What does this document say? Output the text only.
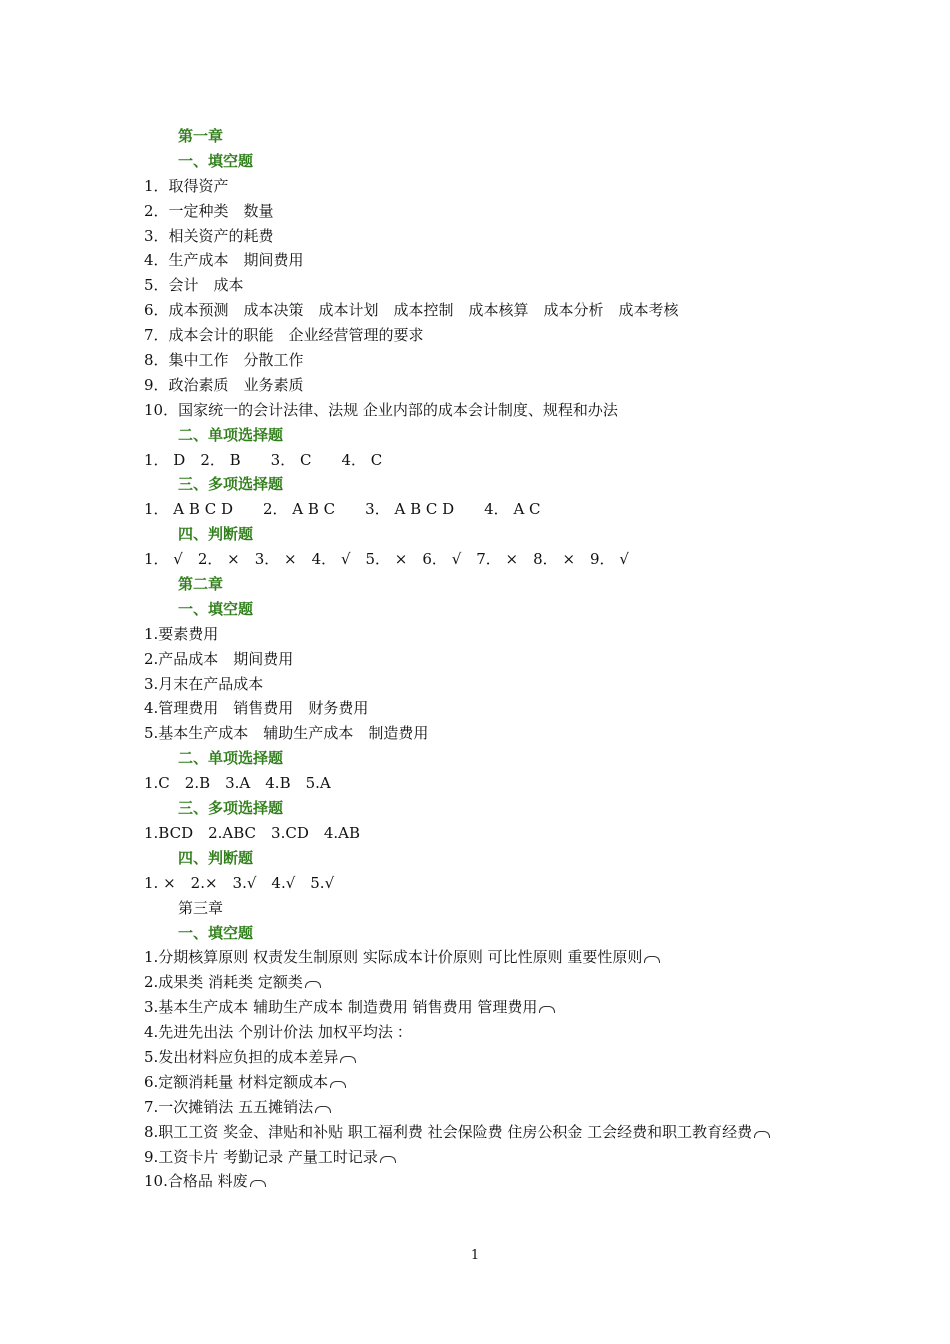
第一章
一、填空题
1．取得资产
2．一定种类　数量
3．相关资产的耗费
4．生产成本　期间费用
5．会计　成本
6．成本预测　成本决策　成本计划　成本控制　成本核算　成本分析　成本考核
7．成本会计的职能　企业经营管理的要求
8．集中工作　分散工作
9．政治素质　业务素质
10．国家统一的会计法律、法规 企业内部的成本会计制度、规程和办法
二、单项选择题
1． D　2． B　　3． C　　4． C
三、多项选择题
1． A B C D　　2． A B C　　3． A B C D　　4． A C
四、判断题
1． √　2． ×　3． ×　4． √　5． ×　6． √　7． ×　8． ×　9． √
第二章
一、填空题
1.要素费用
2.产品成本　期间费用
3.月末在产品成本
4.管理费用　销售费用　财务费用
5.基本生产成本　辅助生产成本　制造费用
二、单项选择题
1.C　2.B　3.A　4.B　5.A
三、多项选择题
1.BCD　2.ABC　3.CD　4.AB
四、判断题
1. ×　2.×　3.√　4.√　5.√
第三章
一、填空题
1.分期核算原则 权责发生制原则 实际成本计价原则 可比性原则 重要性原则
2.成果类 消耗类 定额类
3.基本生产成本 辅助生产成本 制造费用 销售费用 管理费用
4.先进先出法 个别计价法 加权平均法 ：
5.发出材料应负担的成本差异
6.定额消耗量 材料定额成本
7.一次摊销法 五五摊销法
8.职工工资 奖金、津贴和补贴 职工福利费 社会保险费 住房公积金 工会经费和职工教育经费
9.工资卡片 考勤记录 产量工时记录
10.合格品 料废
1
